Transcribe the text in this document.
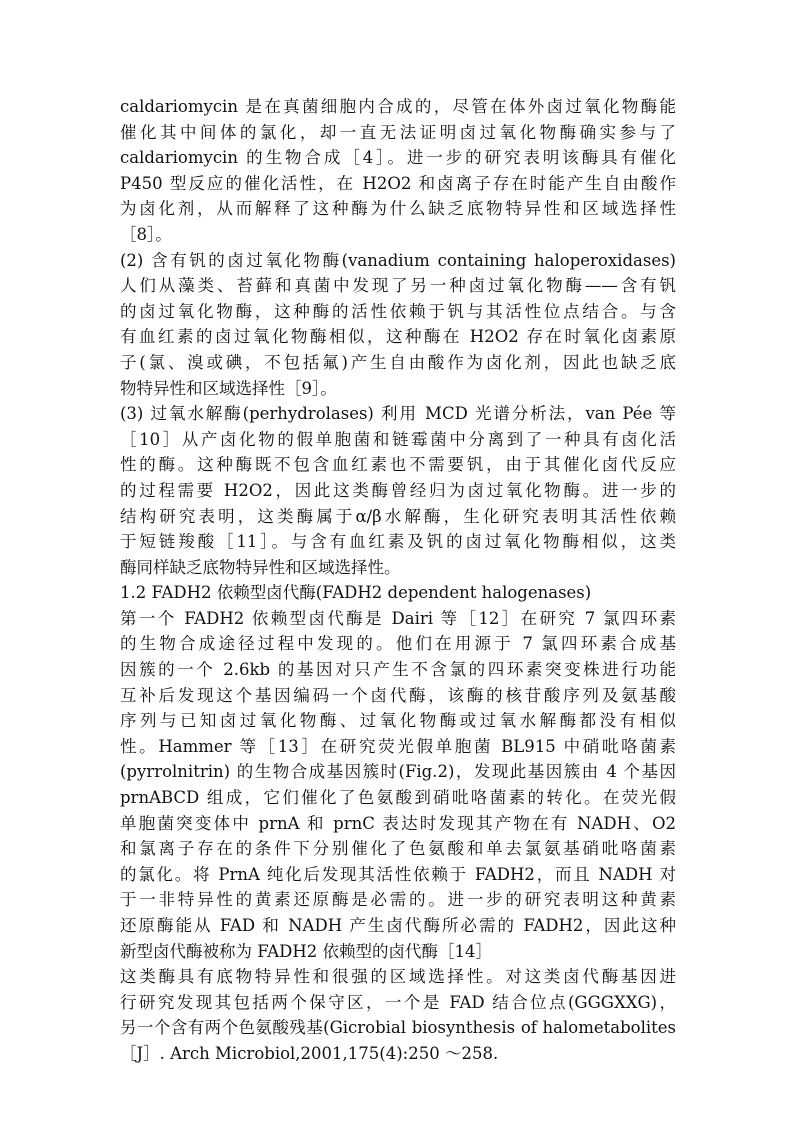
caldariomycin 是在真菌细胞内合成的，尽管在体外卤过氧化物酶能
催化其中间体的氯化，却一直无法证明卤过氧化物酶确实参与了
caldariomycin 的生物合成［4］。进一步的研究表明该酶具有催化
P450 型反应的催化活性，在 H2O2 和卤离子存在时能产生自由酸作
为卤化剂，从而解释了这种酶为什么缺乏底物特异性和区域选择性
［8］。
(2) 含有钒的卤过氧化物酶(vanadium containing haloperoxidases)
人们从藻类、苔藓和真菌中发现了另一种卤过氧化物酶——含有钒
的卤过氧化物酶，这种酶的活性依赖于钒与其活性位点结合。与含
有血红素的卤过氧化物酶相似，这种酶在 H2O2 存在时氧化卤素原
子(氯、溴或碘，不包括氟)产生自由酸作为卤化剂，因此也缺乏底
物特异性和区域选择性［9］。
(3) 过氧水解酶(perhydrolases) 利用 MCD 光谱分析法，van Pée 等
［10］从产卤化物的假单胞菌和链霉菌中分离到了一种具有卤化活
性的酶。这种酶既不包含血红素也不需要钒，由于其催化卤代反应
的过程需要 H2O2，因此这类酶曾经归为卤过氧化物酶。进一步的
结构研究表明，这类酶属于α/β水解酶，生化研究表明其活性依赖
于短链羧酸［11］。与含有血红素及钒的卤过氧化物酶相似，这类
酶同样缺乏底物特异性和区域选择性。
1.2 FADH2 依赖型卤代酶(FADH2 dependent halogenases)
第一个 FADH2 依赖型卤代酶是 Dairi 等［12］在研究 7 氯四环素
的生物合成途径过程中发现的。他们在用源于 7 氯四环素合成基
因簇的一个 2.6kb 的基因对只产生不含氯的四环素突变株进行功能
互补后发现这个基因编码一个卤代酶，该酶的核苷酸序列及氨基酸
序列与已知卤过氧化物酶、过氧化物酶或过氧水解酶都没有相似
性。Hammer 等［13］在研究荧光假单胞菌 BL915 中硝吡咯菌素
(pyrrolnitrin) 的生物合成基因簇时(Fig.2)，发现此基因簇由 4 个基因
prnABCD 组成，它们催化了色氨酸到硝吡咯菌素的转化。在荧光假
单胞菌突变体中 prnA 和 prnC 表达时发现其产物在有 NADH、O2
和氯离子存在的条件下分别催化了色氨酸和单去氯氨基硝吡咯菌素
的氯化。将 PrnA 纯化后发现其活性依赖于 FADH2，而且 NADH 对
于一非特异性的黄素还原酶是必需的。进一步的研究表明这种黄素
还原酶能从 FAD 和 NADH 产生卤代酶所必需的 FADH2，因此这种
新型卤代酶被称为 FADH2 依赖型的卤代酶［14］
这类酶具有底物特异性和很强的区域选择性。对这类卤代酶基因进
行研究发现其包括两个保守区，一个是 FAD 结合位点(GGGXXG)，
另一个含有两个色氨酸残基(Gicrobial biosynthesis of halometabolites
［J］. Arch Microbiol,2001,175(4):250 ～258.
